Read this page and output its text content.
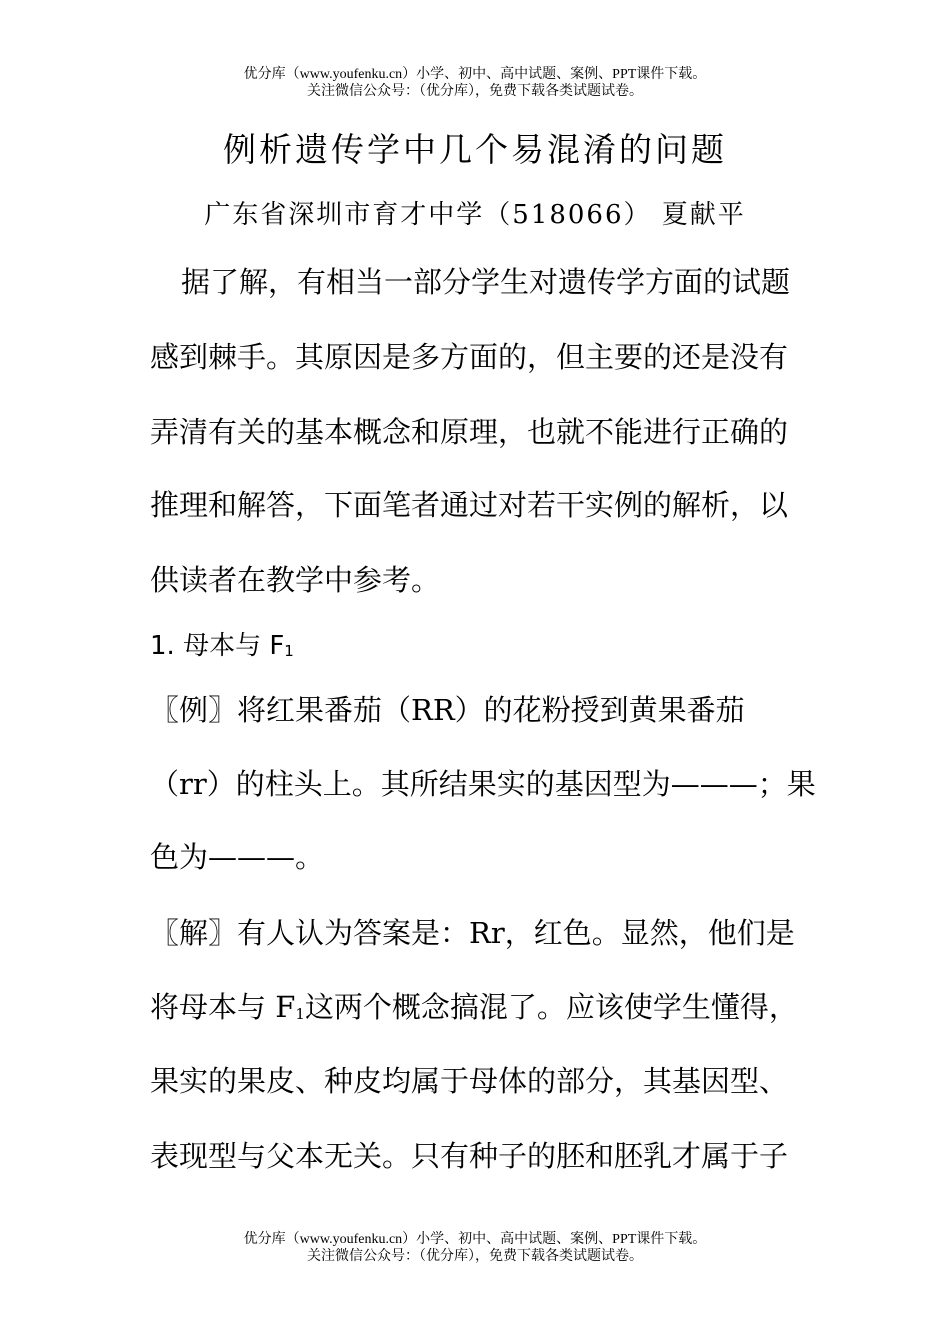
优分库（www.youfenku.cn）小学、初中、高中试题、案例、PPT课件下载。
关注微信公众号：（优分库），免费下载各类试题试卷。
例析遗传学中几个易混淆的问题
广东省深圳市育才中学（518066） 夏献平
据了解，有相当一部分学生对遗传学方面的试题
感到棘手。其原因是多方面的，但主要的还是没有
弄清有关的基本概念和原理，也就不能进行正确的
推理和解答，下面笔者通过对若干实例的解析，以
供读者在教学中参考。
1. 母本与 F1
〖例〗将红果番茄（RR）的花粉授到黄果番茄
（rr）的柱头上。其所结果实的基因型为———；果
色为———。
〖解〗有人认为答案是：Rr，红色。显然，他们是
将母本与 F1这两个概念搞混了。应该使学生懂得，
果实的果皮、种皮均属于母体的部分，其基因型、
表现型与父本无关。只有种子的胚和胚乳才属于子
优分库（www.youfenku.cn）小学、初中、高中试题、案例、PPT课件下载。
关注微信公众号：（优分库），免费下载各类试题试卷。
